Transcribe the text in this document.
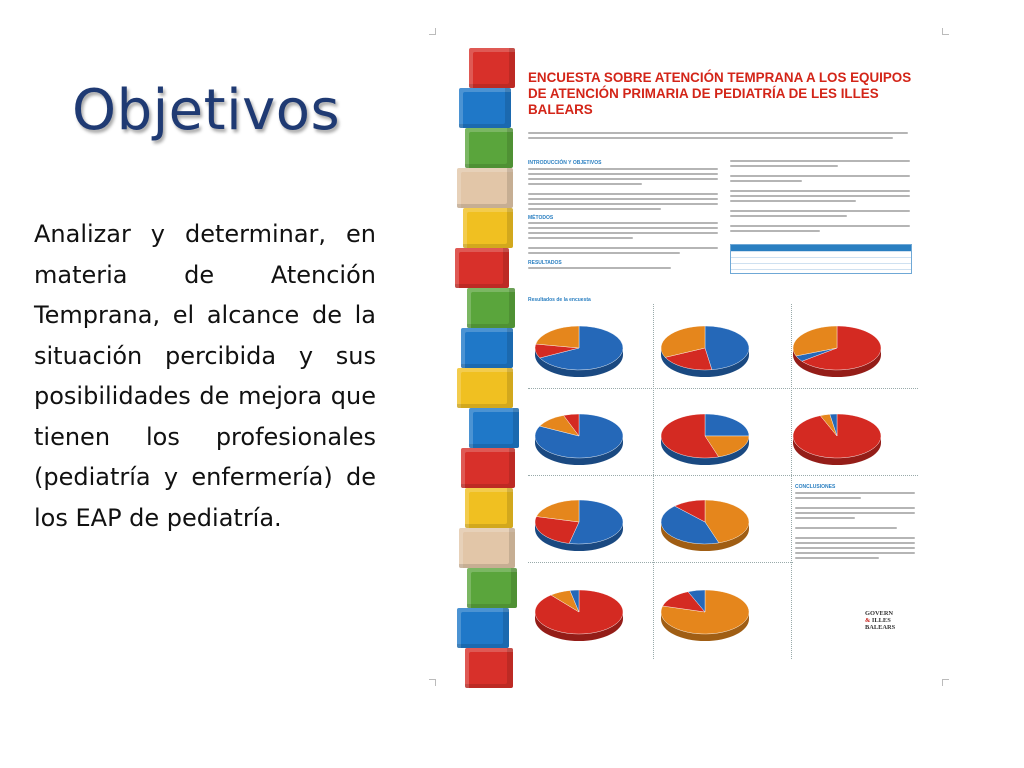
Objetivos

Analizar y determinar, en materia de Atención Temprana, el alcance de la situación percibida y sus posibilidades de mejora que tienen los profesionales (pediatría y enfermería) de los EAP de pediatría.

ENCUESTA SOBRE ATENCIÓN TEMPRANA A LOS EQUIPOS DE ATENCIÓN PRIMARIA DE PEDIATRÍA DE LES ILLES BALEARS
INTRODUCCIÓN Y OBJETIVOS
MÉTODOS
RESULTADOS
Resultados de la encuesta
CONCLUSIONES
GOVERN
& ILLES
BALEARS
